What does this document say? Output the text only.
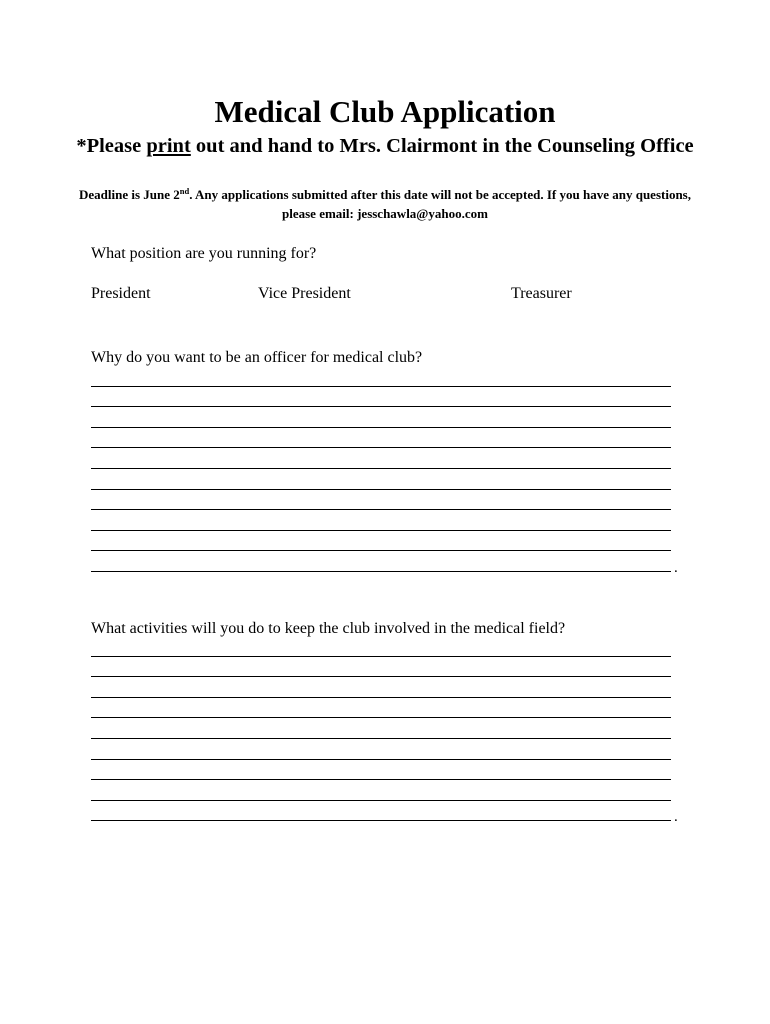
Medical Club Application

*Please print out and hand to Mrs. Clairmont in the Counseling Office

Deadline is June 2nd. Any applications submitted after this date will not be accepted. If you have any questions, please email: jesschawla@yahoo.com

What position are you running for?

President	Vice President	Treasurer

Why do you want to be an officer for medical club?

.

What activities will you do to keep the club involved in the medical field?

.
